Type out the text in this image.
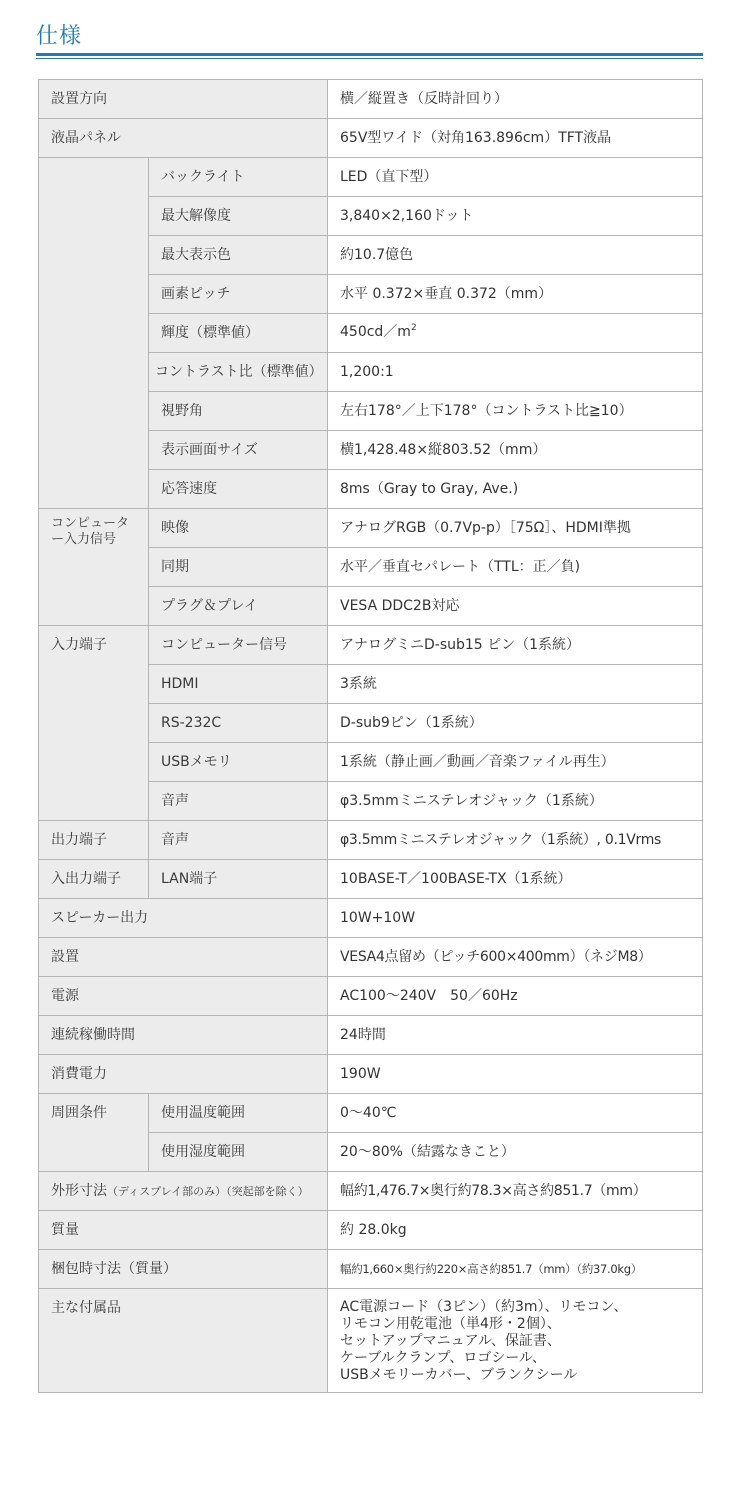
仕様
設置方向		横／縦置き（反時計回り）
液晶パネル		65V型ワイド（対角163.896cm）TFT液晶
	バックライト	LED（直下型）
	最大解像度	3,840×2,160ドット
	最大表示色	約10.7億色
	画素ピッチ	水平 0.372×垂直 0.372（mm）
	輝度（標準値）	$450cd/m^2$
	コントラスト比（標準値）	1,200:1
	視野角	左右178°／上下178°（コントラスト比≧10）
	表示画面サイズ	横1,428.48×縦803.52（mm）
	応答速度	8ms（Gray to Gray, Ave.)
コンピューター入力信号	映像	アナログRGB（0.7Vp-p）［75Ω］、HDMI準拠
	同期	水平／垂直セパレート（TTL：正／負)
	プラグ＆プレイ	VESA DDC2B対応
入力端子	コンピューター信号	アナログミニD-sub15 ピン（1系統）
	HDMI	3系統
	RS-232C	D-sub9ピン（1系統）
	USBメモリ	1系統（静止画／動画／音楽ファイル再生）
	音声	φ3.5mmミニステレオジャック（1系統）
出力端子	音声	φ3.5mmミニステレオジャック（1系統）, 0.1Vrms
入出力端子	LAN端子	10BASE-T／100BASE-TX（1系統）
スピーカー出力		10W+10W
設置		VESA4点留め（ピッチ600×400mm）（ネジM8）
電源		AC100〜240V　50／60Hz
連続稼働時間		24時間
消費電力		190W
周囲条件	使用温度範囲	0〜40℃
	使用湿度範囲	20〜80%（結露なきこと）
外形寸法（ディスプレイ部のみ）（突起部を除く）		幅約1,476.7×奥行約78.3×高さ約851.7（mm）
質量		約 28.0kg
梱包時寸法（質量）		幅約1,660×奥行約220×高さ約851.7（mm）（約37.0kg）
主な付属品		AC電源コード（3ピン）（約3m）、リモコン、
リモコン用乾電池（単4形・2個）、
セットアップマニュアル、保証書、
ケーブルクランプ、ロゴシール、
USBメモリーカバー、ブランクシール
